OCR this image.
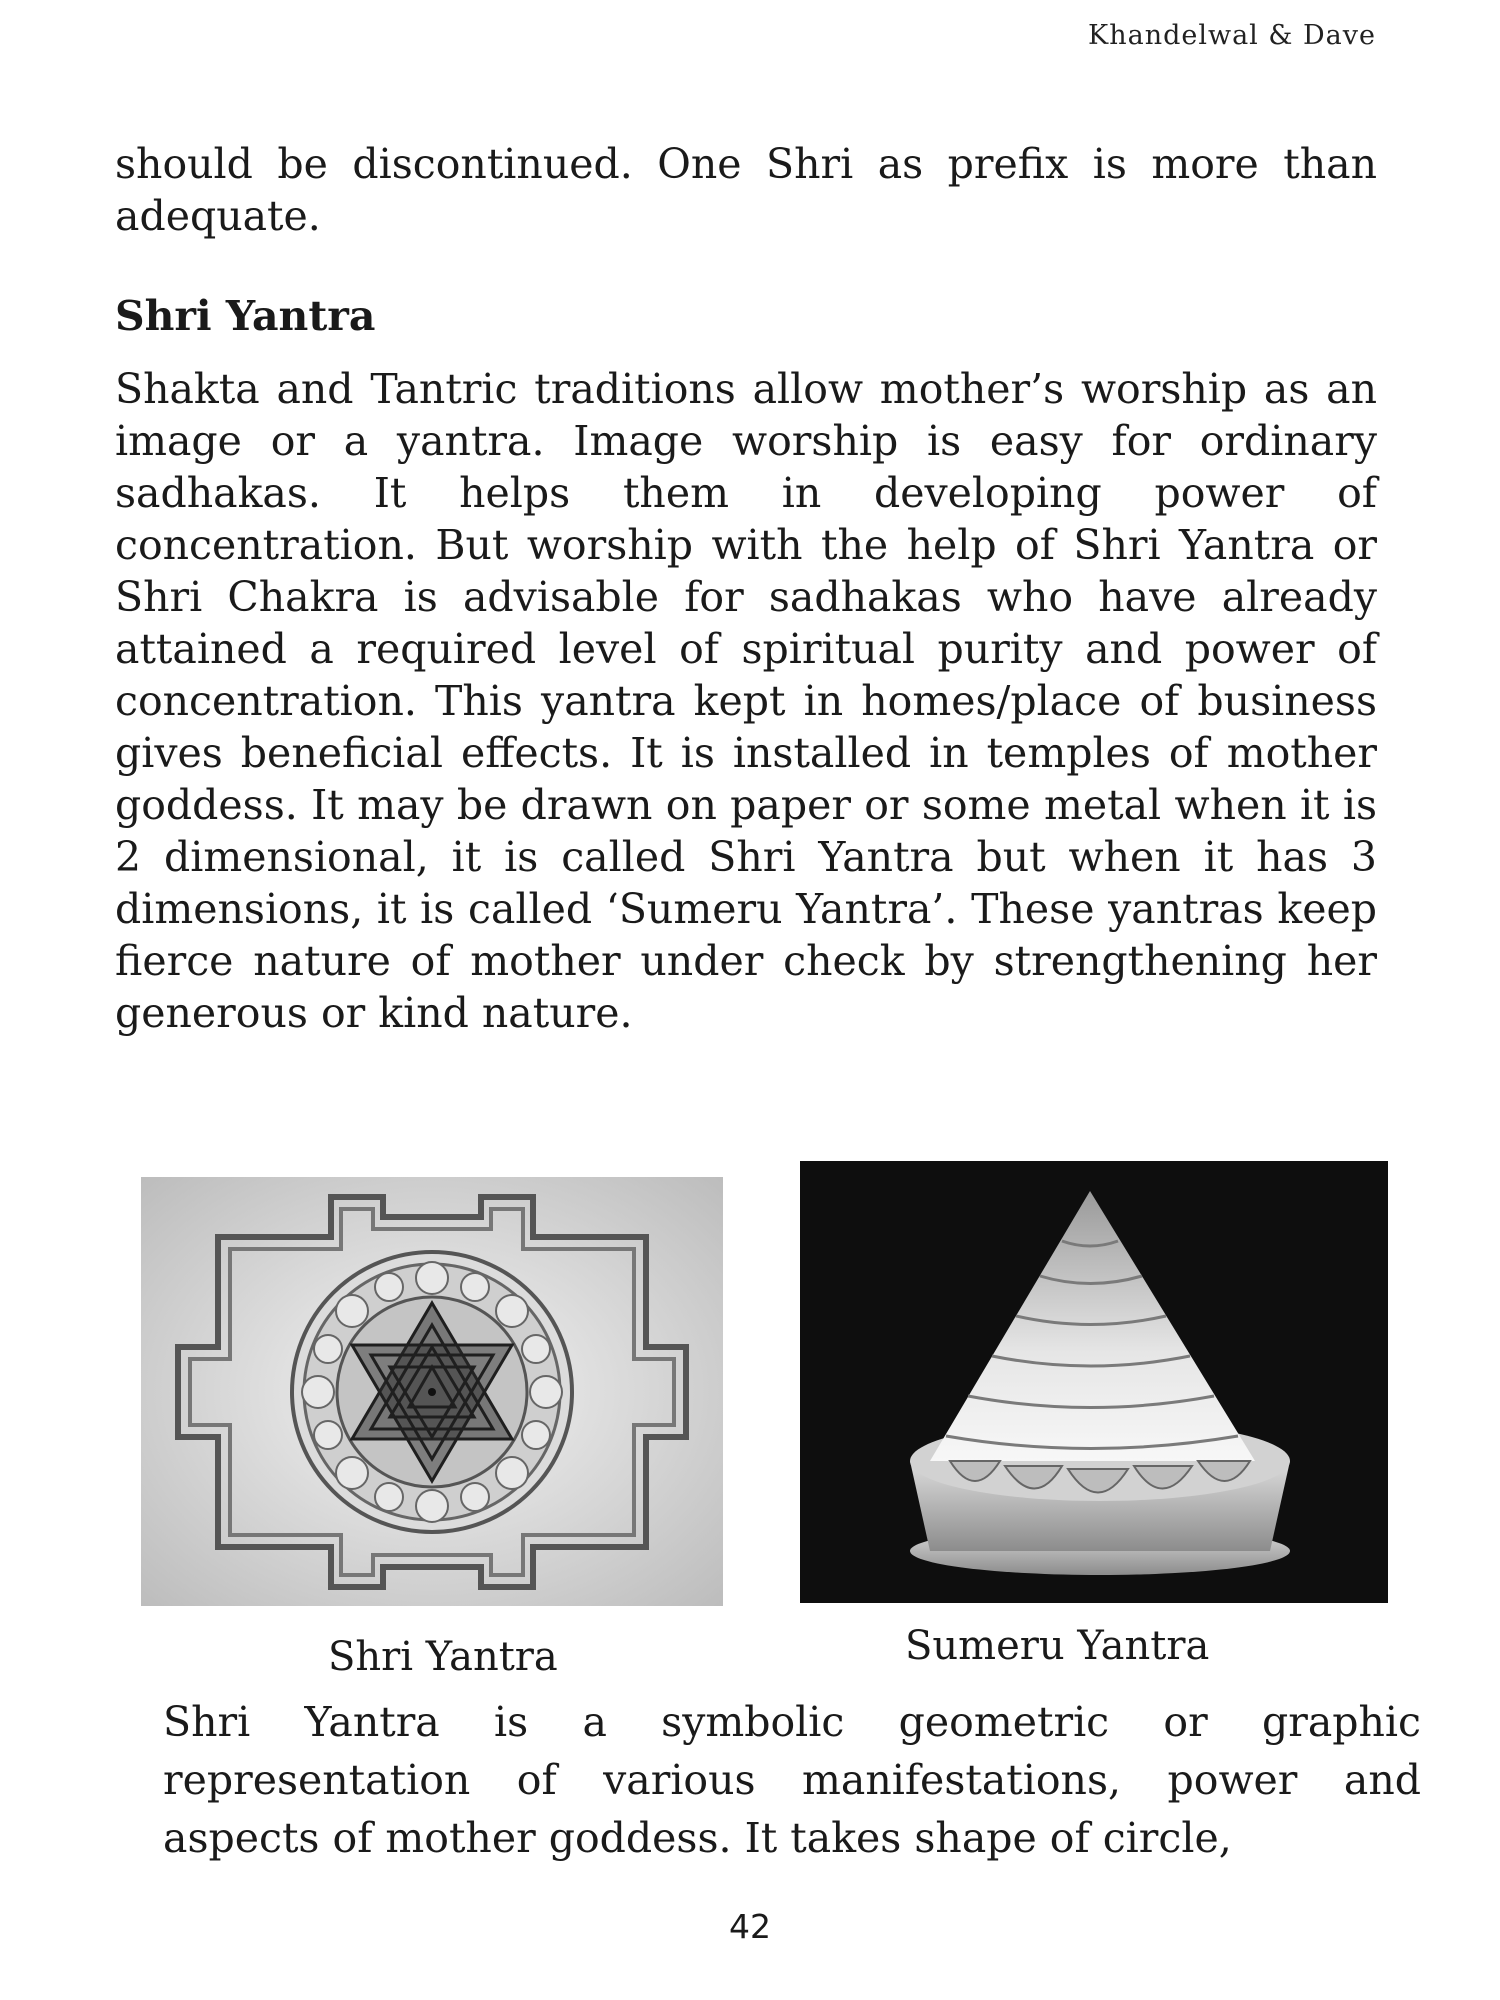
Khandelwal & Dave

should be discontinued. One Shri as prefix is more than adequate.

Shri Yantra

Shakta and Tantric traditions allow mother’s worship as an image or a yantra. Image worship is easy for ordinary sadhakas. It helps them in developing power of concentration. But worship with the help of Shri Yantra or Shri Chakra is advisable for sadhakas who have already attained a required level of spiritual purity and power of concentration. This yantra kept in homes/place of business gives beneficial effects. It is installed in temples of mother goddess. It may be drawn on paper or some metal when it is 2 dimensional, it is called Shri Yantra but when it has 3 dimensions, it is called ‘Sumeru Yantra’. These yantras keep fierce nature of mother under check by strengthening her generous or kind nature.

Shri Yantra	Sumeru Yantra

Shri Yantra is a symbolic geometric or graphic representation of various manifestations, power and aspects of mother goddess. It takes shape of circle,

42
